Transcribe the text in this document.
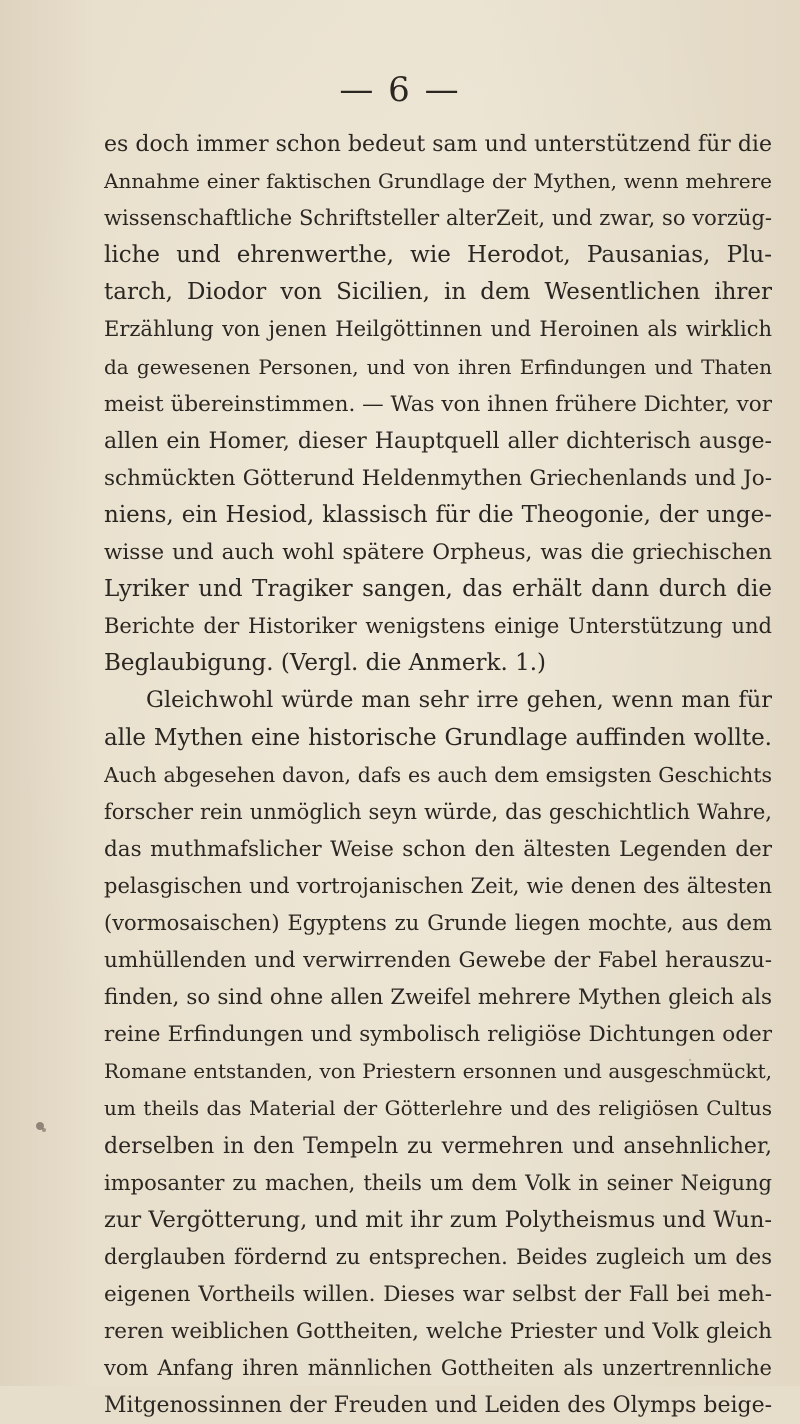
— 6 —
es doch immer schon bedeut sam und unterstützend für die
Annahme einer faktischen Grundlage der Mythen, wenn mehrere
wissenschaftliche Schriftsteller alterZeit, und zwar, so vorzüg-
liche und ehrenwerthe, wie Herodot, Pausanias, Plu-
tarch, Diodor von Sicilien, in dem Wesentlichen ihrer
Erzählung von jenen Heilgöttinnen und Heroinen als wirklich
da gewesenen Personen, und von ihren Erfindungen und Thaten
meist übereinstimmen. — Was von ihnen frühere Dichter, vor
allen ein Homer, dieser Hauptquell aller dichterisch ausge-
schmückten Götterund Heldenmythen Griechenlands und Jo-
niens, ein Hesiod, klassisch für die Theogonie, der unge-
wisse und auch wohl spätere Orpheus, was die griechischen
Lyriker und Tragiker sangen, das erhält dann durch die
Berichte der Historiker wenigstens einige Unterstützung und
Beglaubigung. (Vergl. die Anmerk. 1.)
Gleichwohl würde man sehr irre gehen, wenn man für
alle Mythen eine historische Grundlage auffinden wollte.
Auch abgesehen davon, dafs es auch dem emsigsten Geschichts
forscher rein unmöglich seyn würde, das geschichtlich Wahre,
das muthmafslicher Weise schon den ältesten Legenden der
pelasgischen und vortrojanischen Zeit, wie denen des ältesten
(vormosaischen) Egyptens zu Grunde liegen mochte, aus dem
umhüllenden und verwirrenden Gewebe der Fabel herauszu-
finden, so sind ohne allen Zweifel mehrere Mythen gleich als
reine Erfindungen und symbolisch religiöse Dichtungen oder
Romane entstanden, von Priestern ersonnen und ausgeschmückt,
um theils das Material der Götterlehre und des religiösen Cultus
derselben in den Tempeln zu vermehren und ansehnlicher,
imposanter zu machen, theils um dem Volk in seiner Neigung
zur Vergötterung, und mit ihr zum Polytheismus und Wun-
derglauben fördernd zu entsprechen. Beides zugleich um des
eigenen Vortheils willen. Dieses war selbst der Fall bei meh-
reren weiblichen Gottheiten, welche Priester und Volk gleich
vom Anfang ihren männlichen Gottheiten als unzertrennliche
Mitgenossinnen der Freuden und Leiden des Olymps beige-
